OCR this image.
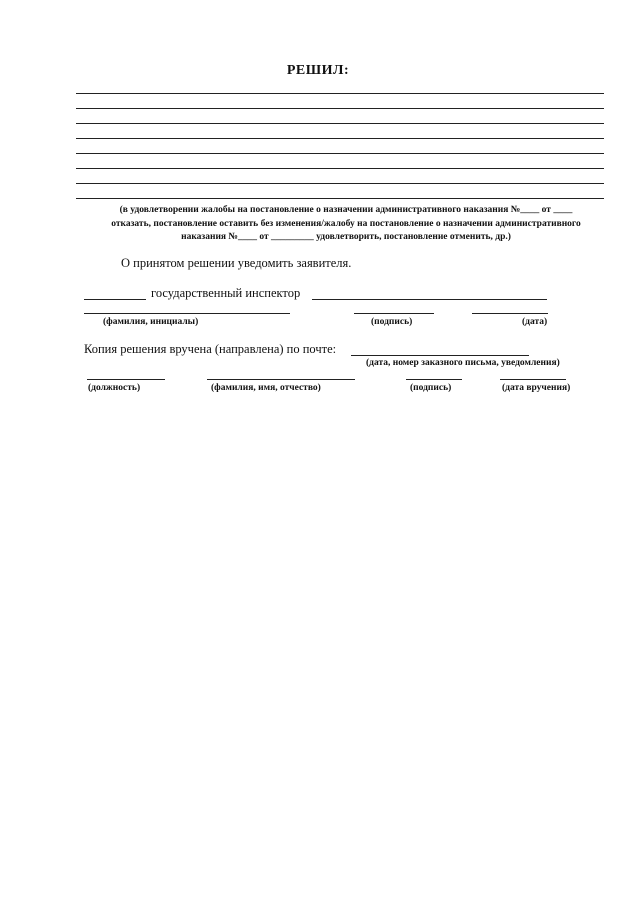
РЕШИЛ:

(в удовлетворении жалобы на постановление о назначении административного наказания №____ от ____

отказать, постановление оставить без изменения/жалобу на постановление о назначении административного

наказания №____ от _________ удовлетворить, постановление отменить, др.)

О принятом решении уведомить заявителя.
государственный инспектор
(фамилия, инициалы)	(подпись)	(дата)
Копия решения вручена (направлена) по почте:
(дата, номер заказного письма, уведомления)
(должность)	(фамилия, имя, отчество)	(подпись)	(дата вручения)
